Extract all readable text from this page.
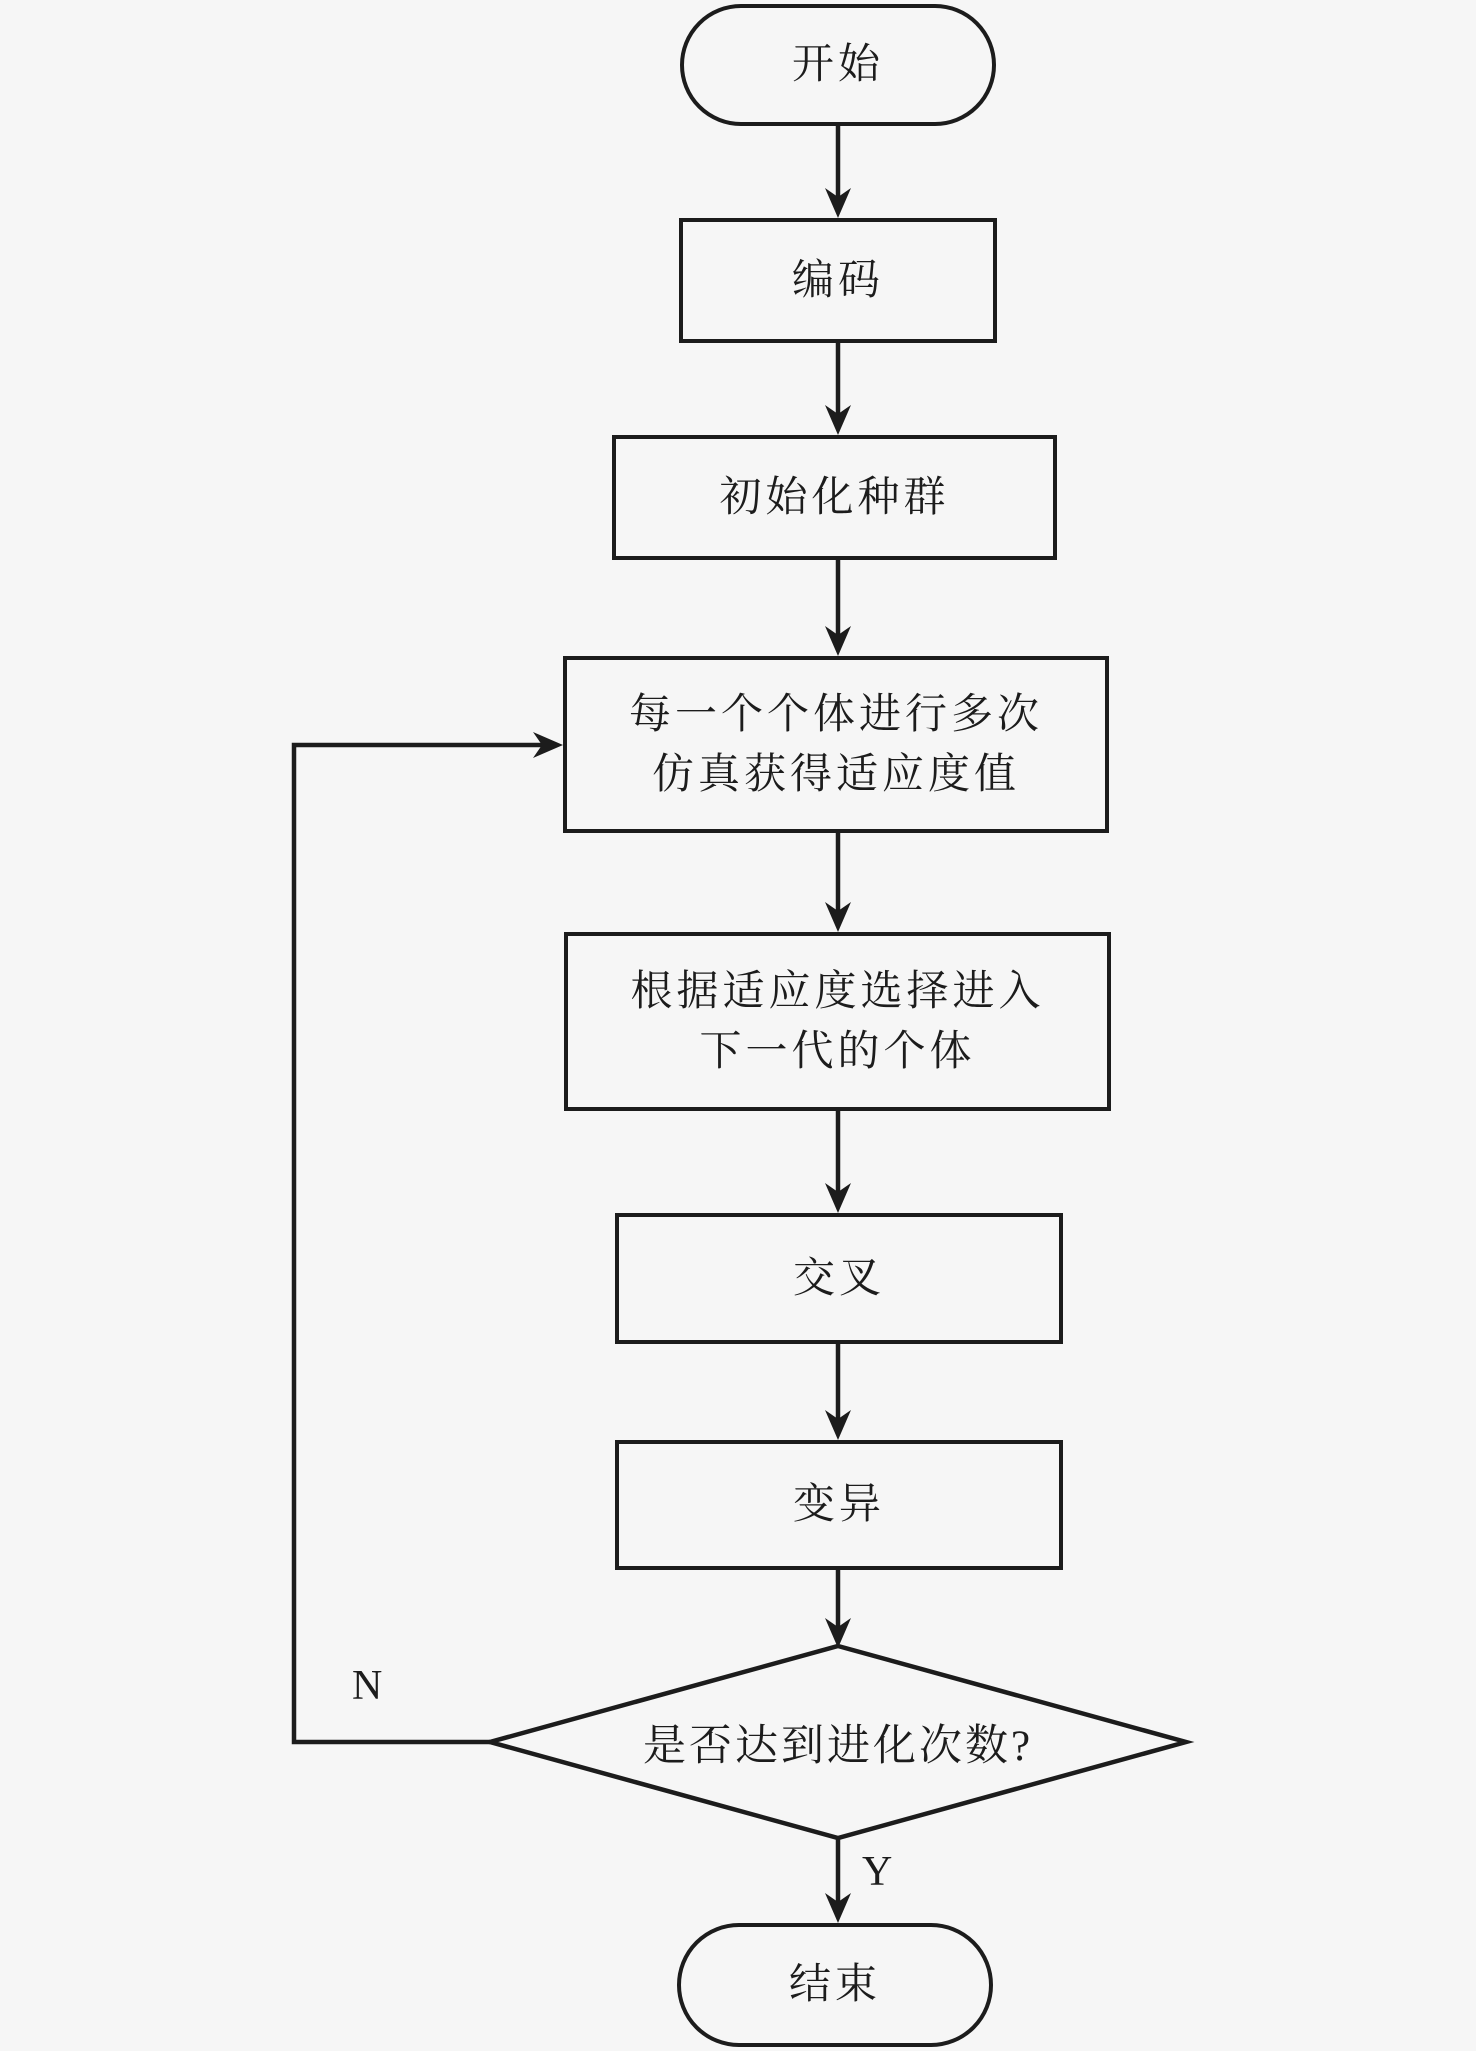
开始
编码
初始化种群
每一个个体进行多次
仿真获得适应度值
根据适应度选择进入
下一代的个体
交叉
变异
是否达到进化次数?
Y
N
结束
